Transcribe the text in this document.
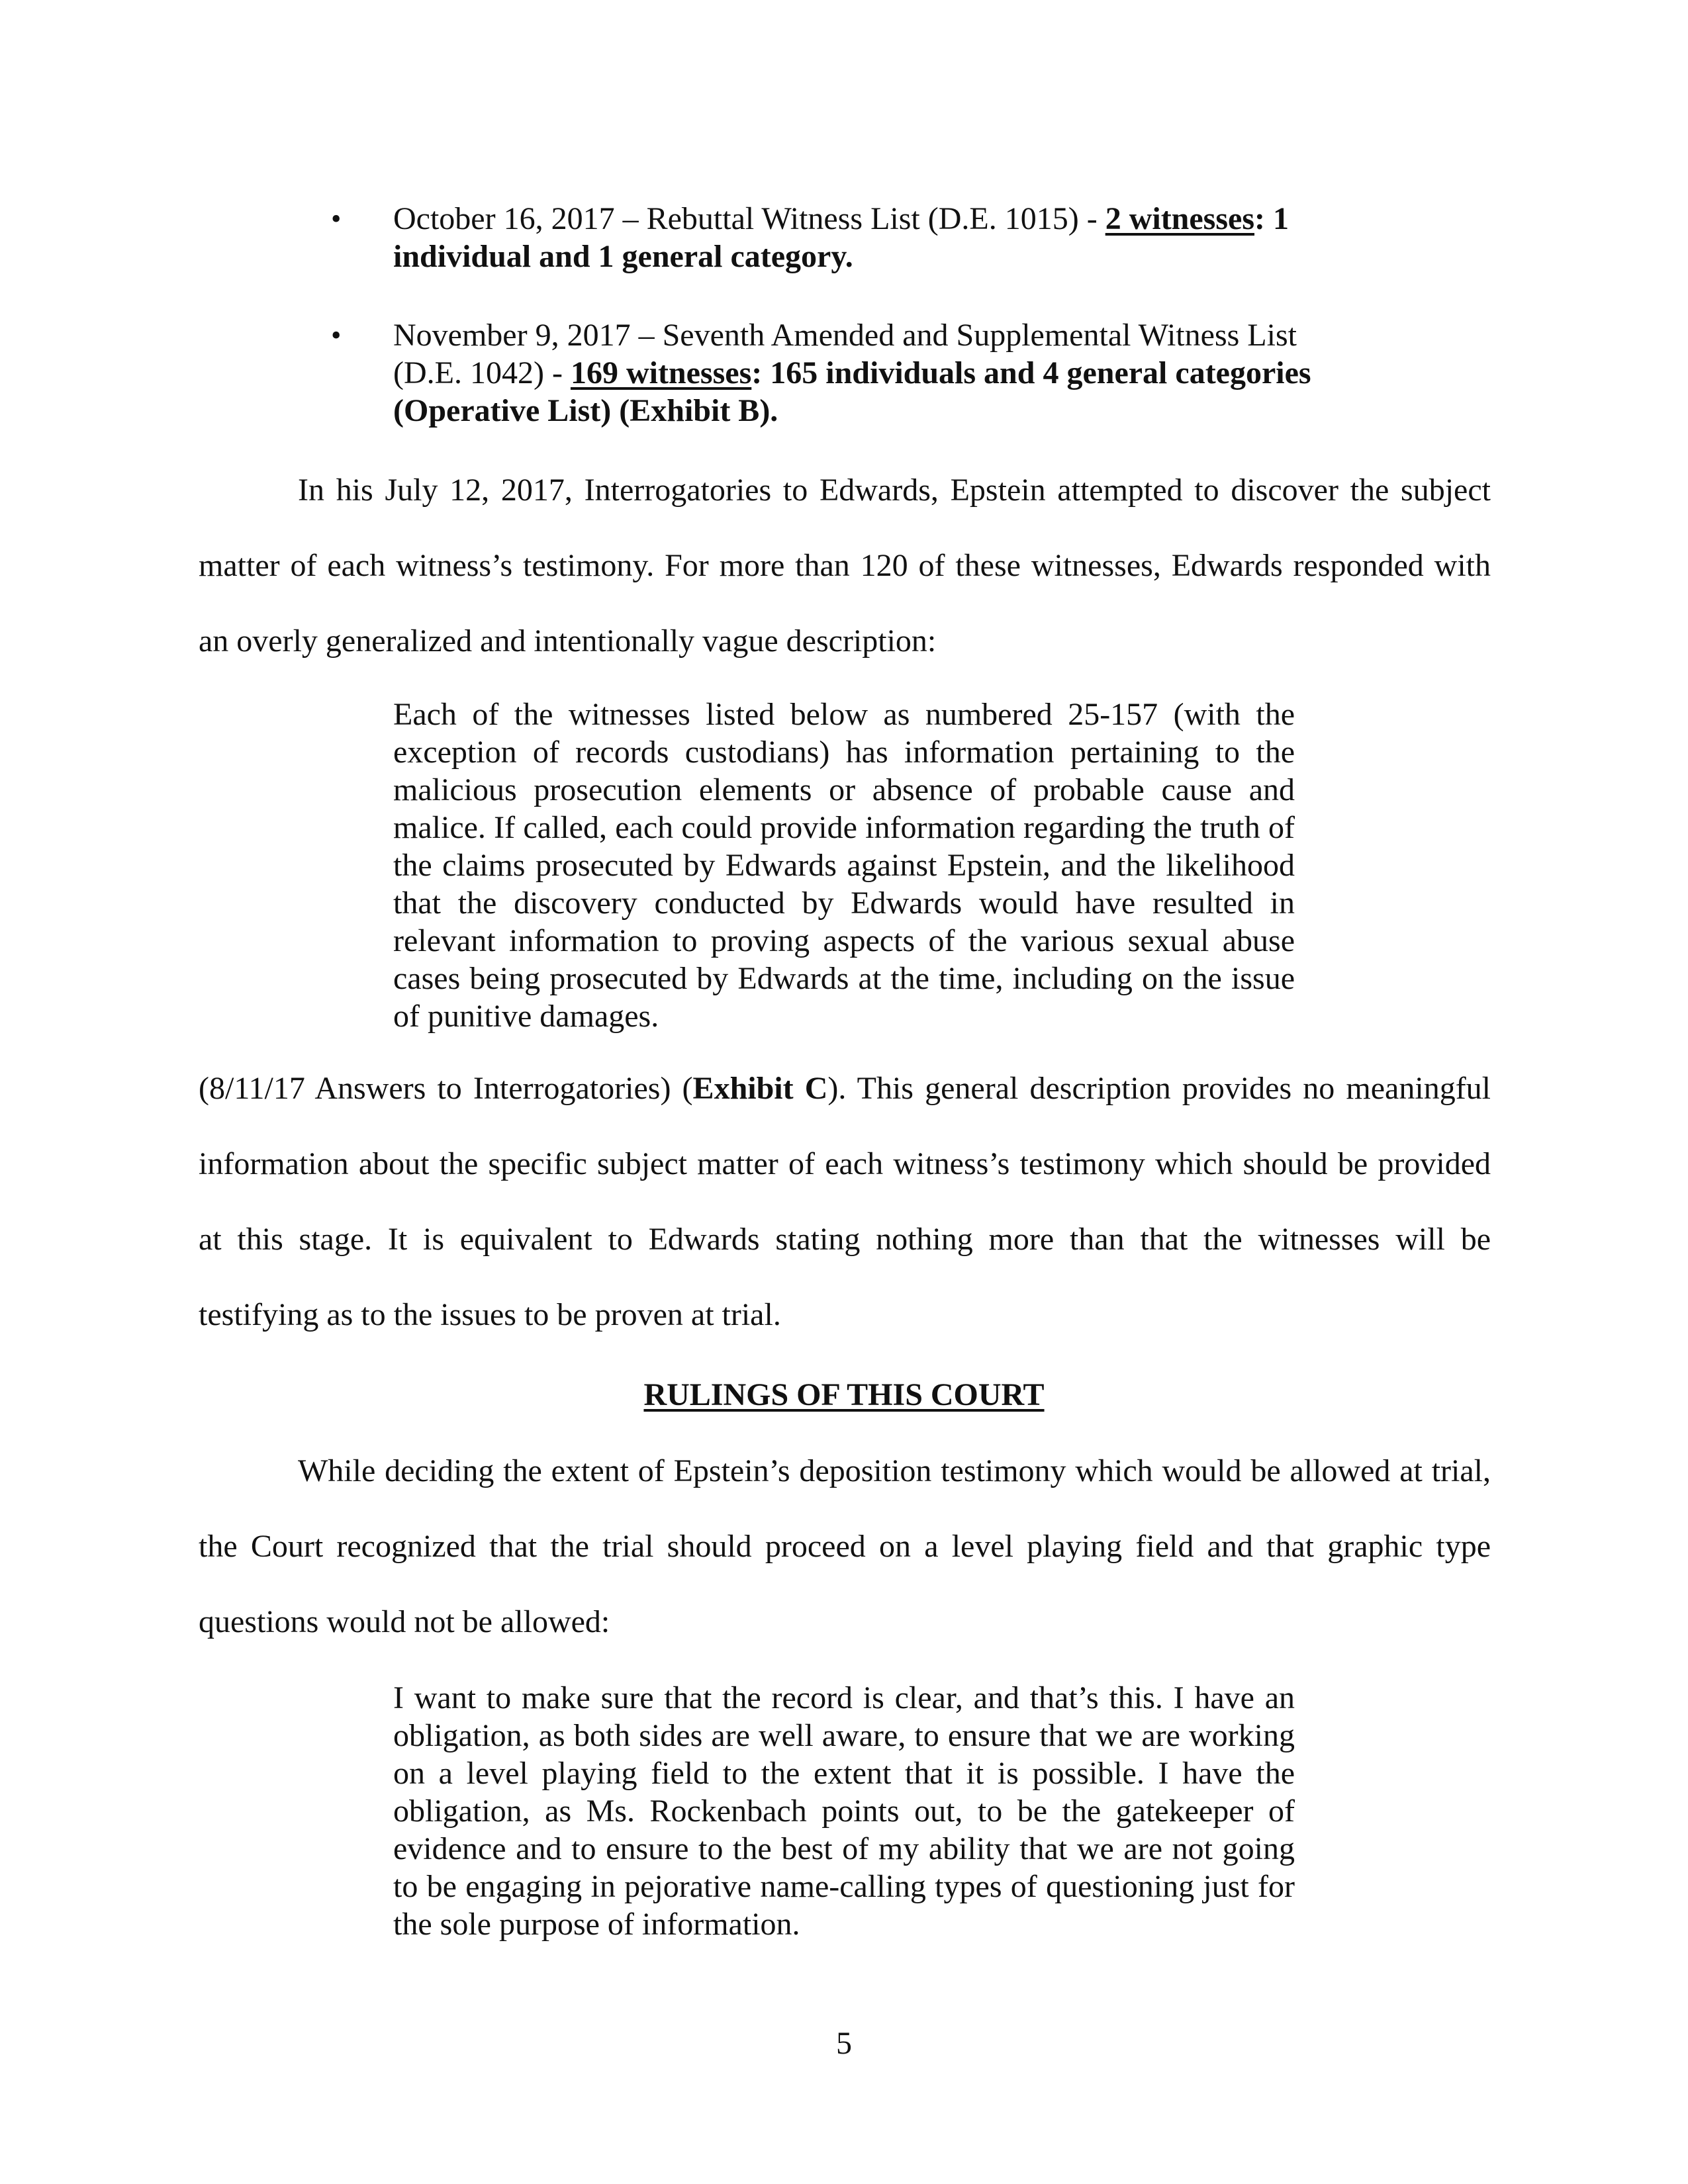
• October 16, 2017 – Rebuttal Witness List (D.E. 1015) - 2 witnesses: 1 individual and 1 general category.
• November 9, 2017 – Seventh Amended and Supplemental Witness List (D.E. 1042) - 169 witnesses: 165 individuals and 4 general categories (Operative List) (Exhibit B).

In his July 12, 2017, Interrogatories to Edwards, Epstein attempted to discover the subject matter of each witness’s testimony. For more than 120 of these witnesses, Edwards responded with an overly generalized and intentionally vague description:

Each of the witnesses listed below as numbered 25-157 (with the exception of records custodians) has information pertaining to the malicious prosecution elements or absence of probable cause and malice. If called, each could provide information regarding the truth of the claims prosecuted by Edwards against Epstein, and the likelihood that the discovery conducted by Edwards would have resulted in relevant information to proving aspects of the various sexual abuse cases being prosecuted by Edwards at the time, including on the issue of punitive damages.

(8/11/17 Answers to Interrogatories) (Exhibit C). This general description provides no meaningful information about the specific subject matter of each witness’s testimony which should be provided at this stage. It is equivalent to Edwards stating nothing more than that the witnesses will be testifying as to the issues to be proven at trial.

RULINGS OF THIS COURT

While deciding the extent of Epstein’s deposition testimony which would be allowed at trial, the Court recognized that the trial should proceed on a level playing field and that graphic type questions would not be allowed:

I want to make sure that the record is clear, and that’s this. I have an obligation, as both sides are well aware, to ensure that we are working on a level playing field to the extent that it is possible. I have the obligation, as Ms. Rockenbach points out, to be the gatekeeper of evidence and to ensure to the best of my ability that we are not going to be engaging in pejorative name-calling types of questioning just for the sole purpose of information.

5
